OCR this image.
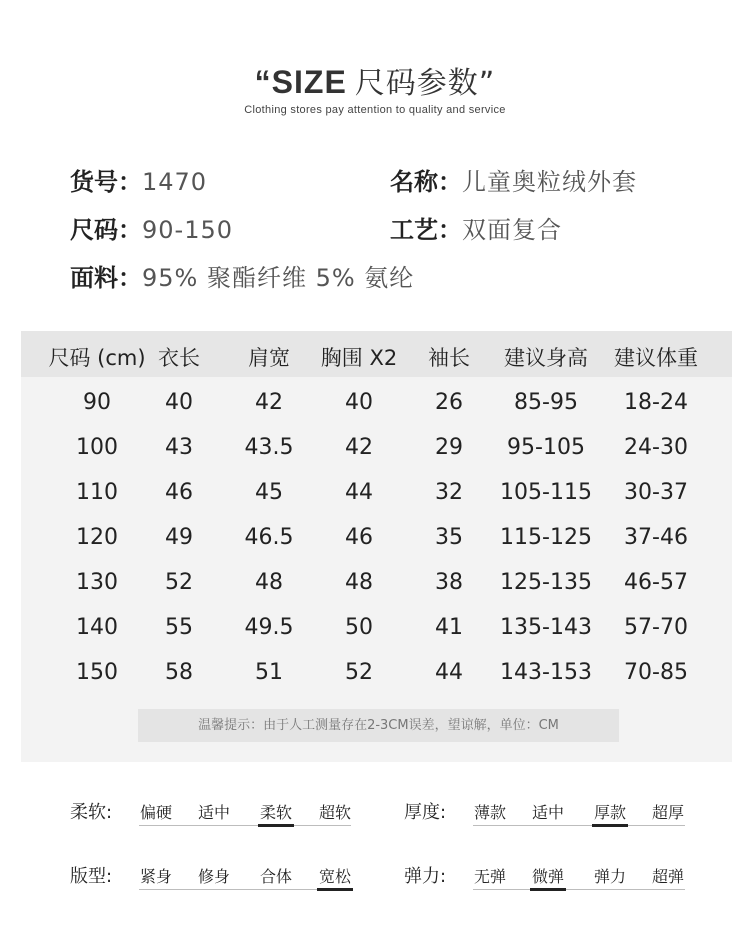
“SIZE 尺码参数”
Clothing stores pay attention to quality and service
货号：1470	名称：儿童奥粒绒外套
尺码：90-150	工艺：双面复合
面料：95% 聚酯纤维 5% 氨纶
尺码 (cm) 衣长	肩宽	胸围 X2	袖长	建议身高	建议体重
90	40	42	40	26	85-95	18-24
100	43	43.5	42	29	95-105	24-30
110	46	45	44	32	105-115	30-37
120	49	46.5	46	35	115-125	37-46
130	52	48	48	38	125-135	46-57
140	55	49.5	50	41	135-143	57-70
150	58	51	52	44	143-153	70-85
温馨提示：由于人工测量存在2-3CM误差，望谅解，单位：CM
柔软:	偏硬	适中	柔软	超软	厚度:	薄款	适中	厚款	超厚
版型:	紧身	修身	合体	宽松	弹力:	无弹	微弹	弹力	超弹
